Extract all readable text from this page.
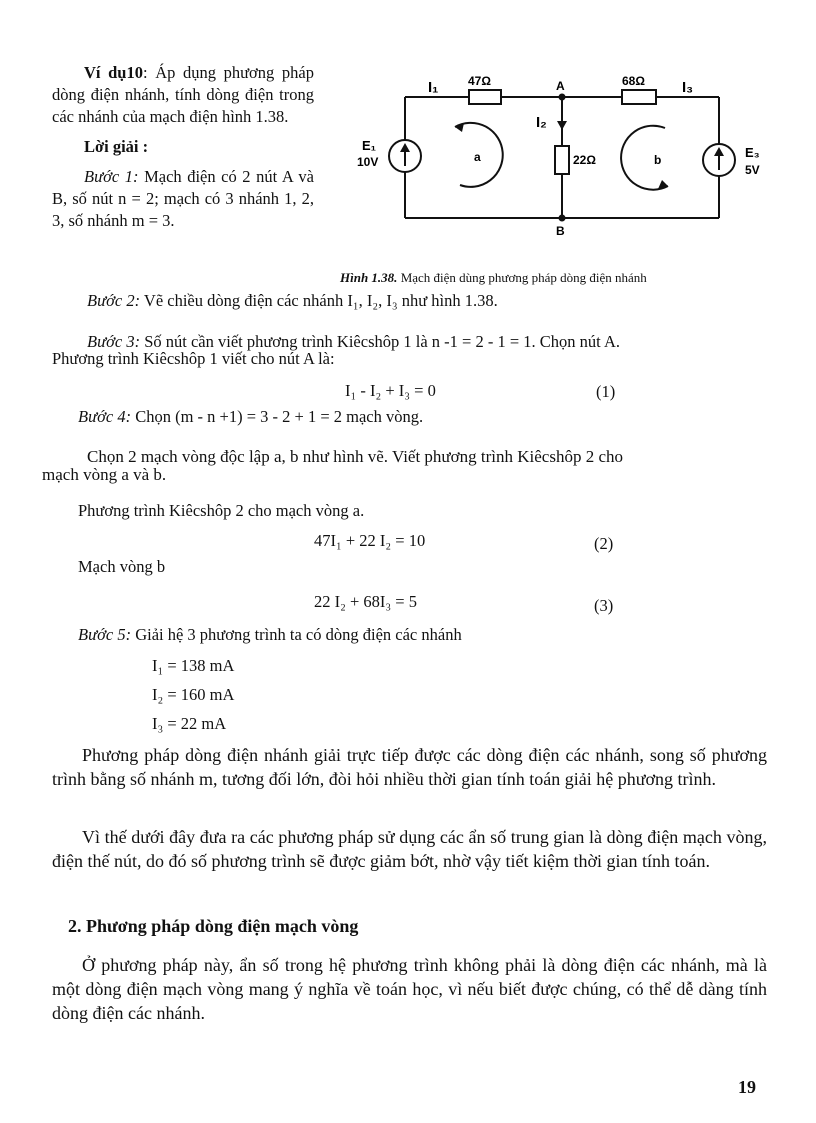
Ví dụ10: Áp dụng phương pháp dòng điện nhánh, tính dòng điện trong các nhánh của mạch điện hình 1.38.

Lời giải :

Bước 1: Mạch điện có 2 nút A và B, số nút n = 2; mạch có 3 nhánh 1, 2, 3, số nhánh m = 3.

I₁ 47Ω	A	68Ω I₃
I₂
22Ω
E₁
10V
E₃
5V
a	b
B
Hình 1.38. Mạch điện dùng phương pháp dòng điện nhánh
Bước 2: Vẽ chiều dòng điện các nhánh I₁, I₂, I₃ như hình 1.38.
Bước 3: Số nút cần viết phương trình Kiêcshôp 1 là n -1 = 2 - 1 = 1. Chọn nút A.
Phương trình Kiêcshôp 1 viết cho nút A là:
I₁ - I₂ + I₃ = 0	(1)
Bước 4: Chọn (m - n +1) = 3 - 2 + 1 = 2 mạch vòng.
Chọn 2 mạch vòng độc lập a, b như hình vẽ. Viết phương trình Kiêcshôp 2 cho
mạch vòng a và b.
Phương trình Kiêcshôp 2 cho mạch vòng a.
47I₁ + 22 I₂ = 10	(2)
Mạch vòng b
22 I₂ + 68I₃ = 5	(3)
Bước 5: Giải hệ 3 phương trình ta có dòng điện các nhánh
I₁ = 138 mA
I₂ = 160 mA
I₃ = 22 mA
Phương pháp dòng điện nhánh giải trực tiếp được các dòng điện các nhánh, song số phương trình bằng số nhánh m, tương đối lớn, đòi hỏi nhiều thời gian tính toán giải hệ phương trình.
Vì thế dưới đây đưa ra các phương pháp sử dụng các ẩn số trung gian là dòng điện mạch vòng, điện thế nút, do đó số phương trình sẽ được giảm bớt, nhờ vậy tiết kiệm thời gian tính toán.
2. Phương pháp dòng điện mạch vòng
Ở phương pháp này, ẩn số trong hệ phương trình không phải là dòng điện các nhánh, mà là một dòng điện mạch vòng mang ý nghĩa về toán học, vì nếu biết được chúng, có thể dễ dàng tính dòng điện các nhánh.
19
